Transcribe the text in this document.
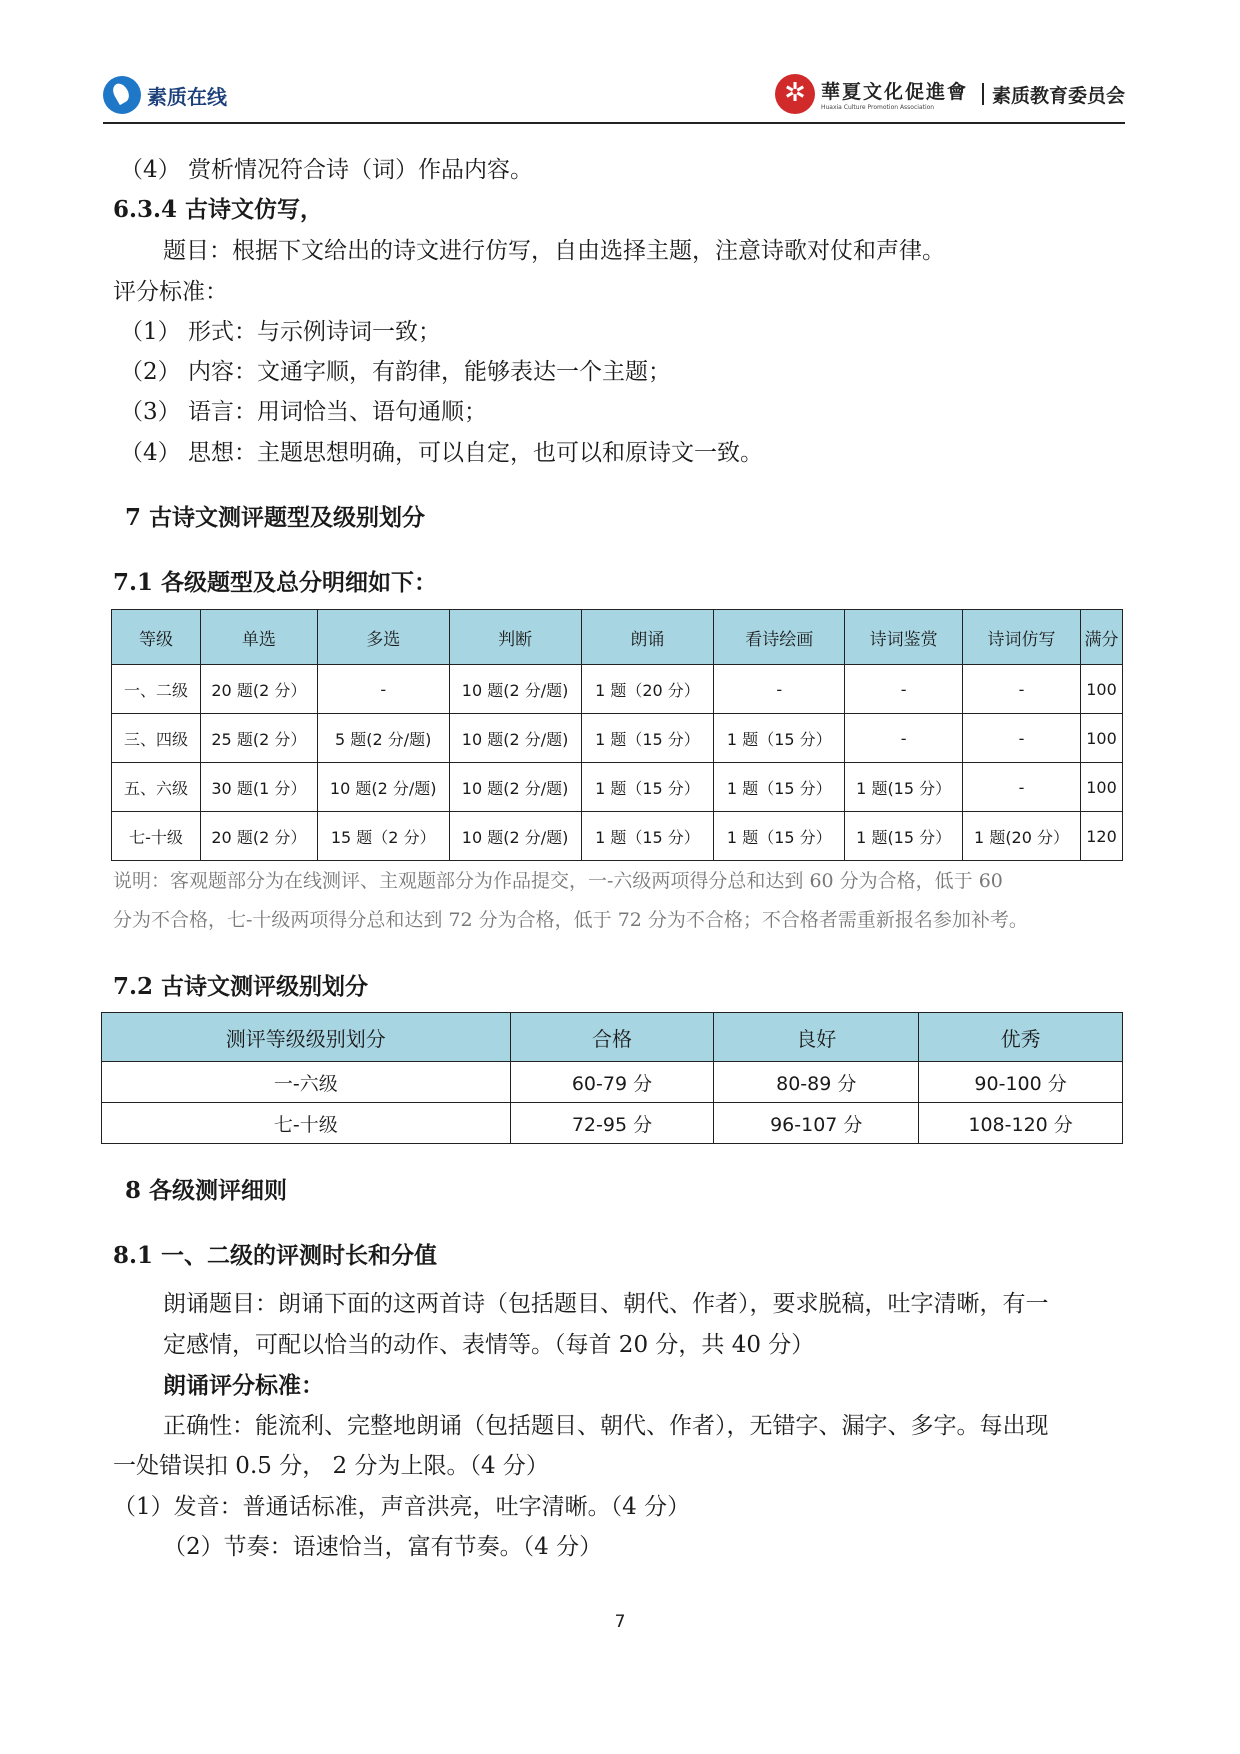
素质在线 ✲	華夏文化促進會
Huaxia Culture Promotion Association
素质教育委员会
（4） 赏析情况符合诗（词）作品内容。
6.3.4 古诗文仿写，
题目：根据下文给出的诗文进行仿写，自由选择主题，注意诗歌对仗和声律。
评分标准：
（1） 形式：与示例诗词一致；
（2） 内容：文通字顺，有韵律，能够表达一个主题；
（3） 语言：用词恰当、语句通顺；
（4） 思想：主题思想明确，可以自定，也可以和原诗文一致。
7 古诗文测评题型及级别划分
7.1 各级题型及总分明细如下：
等级	单选	多选	判断	朗诵	看诗绘画	诗词鉴赏	诗词仿写	满分
一、二级	20 题(2 分）	-	10 题(2 分/题)	1 题（20 分）	-	-	-	100
三、四级	25 题(2 分）	5 题(2 分/题)	10 题(2 分/题)	1 题（15 分）	1 题（15 分）	-	-	100
五、六级	30 题(1 分）	10 题(2 分/题)	10 题(2 分/题)	1 题（15 分）	1 题（15 分）	1 题(15 分）	-	100
七-十级	20 题(2 分）	15 题（2 分）	10 题(2 分/题)	1 题（15 分）	1 题（15 分）	1 题(15 分）	1 题(20 分）	120
说明：客观题部分为在线测评、主观题部分为作品提交，一-六级两项得分总和达到 60 分为合格，低于 60
分为不合格，七-十级两项得分总和达到 72 分为合格，低于 72 分为不合格；不合格者需重新报名参加补考。
7.2 古诗文测评级别划分
测评等级级别划分	合格	良好	优秀
一-六级	60-79 分	80-89 分	90-100 分
七-十级	72-95 分	96-107 分	108-120 分
8 各级测评细则
8.1 一、二级的评测时长和分值
朗诵题目：朗诵下面的这两首诗（包括题目、朝代、作者），要求脱稿，吐字清晰，有一
定感情，可配以恰当的动作、表情等。（每首 20 分，共 40 分）
朗诵评分标准：
正确性：能流利、完整地朗诵（包括题目、朝代、作者），无错字、漏字、多字。每出现
一处错误扣 0.5 分， 2 分为上限。（4 分）
（1）发音：普通话标准，声音洪亮，吐字清晰。（4 分）
（2）节奏：语速恰当，富有节奏。（4 分）
7
